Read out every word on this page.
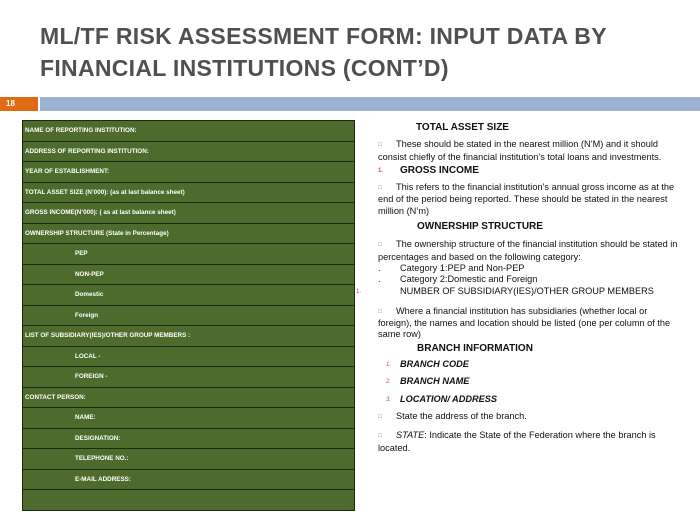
ML/TF RISK ASSESSMENT FORM: INPUT DATA BY FINANCIAL INSTITUTIONS (CONT’D)
18
NAME OF REPORTING INSTITUTION:
ADDRESS OF REPORTING INSTITUTION:
YEAR OF ESTABLISHMENT:
TOTAL ASSET SIZE (N’000): (as at last balance sheet)
GROSS INCOME(N’000): ( as at last balance sheet)
OWNERSHIP STRUCTURE (State in Percentage)
PEP
NON-PEP
Domestic
Foreign
LIST OF SUBSIDIARY(IES)/OTHER GROUP MEMBERS :
LOCAL -
FOREIGN -
CONTACT PERSON:
NAME:
DESIGNATION:
TELEPHONE NO.:
E-MAIL ADDRESS:

TOTAL ASSET SIZE

□ These should be stated in the nearest million (N’M) and it should consist chiefly of the financial institution’s total loans and investments.

1. GROSS INCOME

□ This refers to the financial institution’s annual gross income as at the end of the period being reported. These should be stated in the nearest million (N’m)

OWNERSHIP STRUCTURE

□ The ownership structure of the financial institution should be stated in percentages and based on the following category:

. Category 1:PEP and Non-PEP

. Category 2:Domestic and Foreign

1.	NUMBER OF SUBSIDIARY(IES)/OTHER GROUP MEMBERS

□ Where a financial institution has subsidiaries (whether local or foreign), the names and location should be listed (one per column of the same row)

BRANCH INFORMATION

1. BRANCH CODE

2. BRANCH NAME

3. LOCATION/ ADDRESS

□ State the address of the branch.

□ STATE: Indicate the State of the Federation where the branch is located.
